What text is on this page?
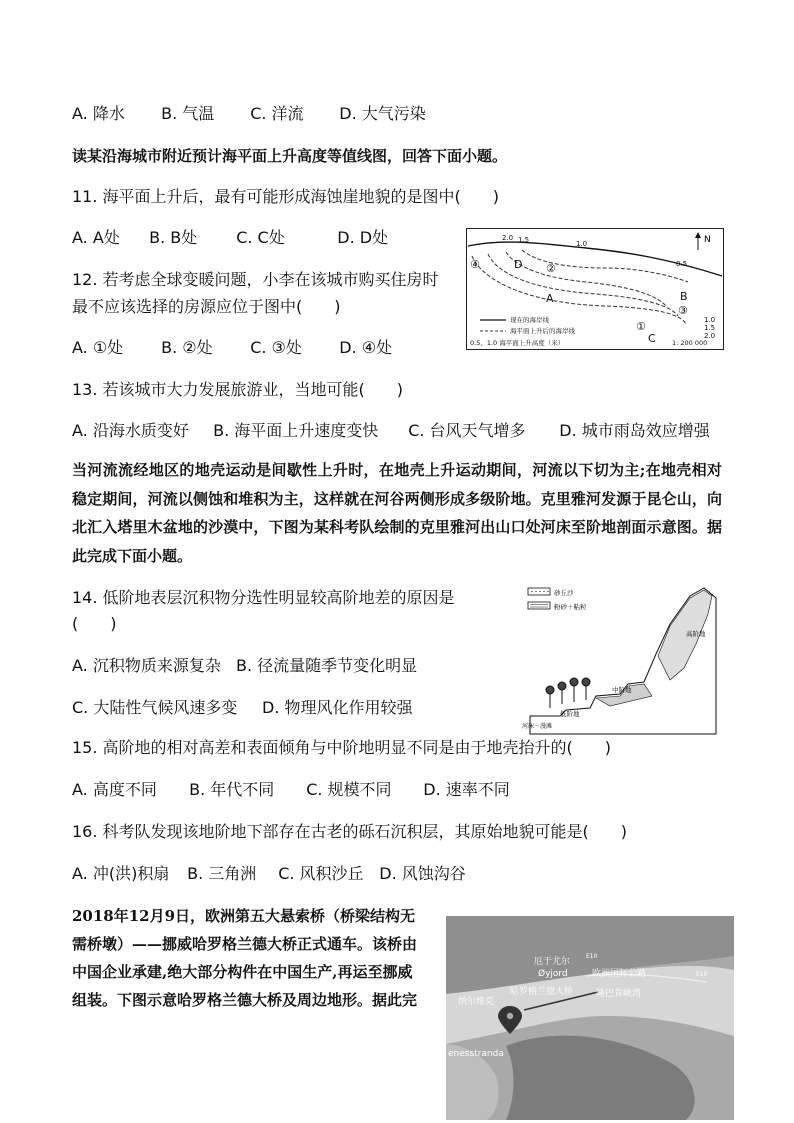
A. 降水 B. 气温 C. 洋流 D. 大气污染
读某沿海城市附近预计海平面上升高度等值线图，回答下面小题。
11. 海平面上升后，最有可能形成海蚀崖地貌的是图中(　　)
A. A处 B. B处 C. C处	D. D处
12. 若考虑全球变暖问题，小李在该城市购买住房时
最不应该选择的房源应位于图中(　　)
A. ①处 B. ②处 C. ③处 D. ④处
2.0 1.5	1.0
0.5
1.0
1.5
2.0
A	B
C
D
①
②
③
④
N
现在的海岸线
海平面上升后的海岸线
0.5、1.0 海平面上升高度（米）	1: 200 000
13. 若该城市大力发展旅游业，当地可能(　　)
A. 沿海水质变好 B. 海平面上升速度变快 C. 台风天气增多 D. 城市雨岛效应增强
当河流流经地区的地壳运动是间歇性上升时，在地壳上升运动期间，河流以下切为主;在地壳相对稳定期间，河流以侧蚀和堆积为主，这样就在河谷两侧形成多级阶地。克里雅河发源于昆仑山，向北汇入塔里木盆地的沙漠中，下图为某科考队绘制的克里雅河出山口处河床至阶地剖面示意图。据此完成下面小题。
14. 低阶地表层沉积物分选性明显较高阶地差的原因是
(　　)
A. 沉积物质来源复杂 B. 径流量随季节变化明显
C. 大陆性气候风速多变 D. 物理风化作用较强
砂丘沙
粉砂＋粘粒
高阶地
中阶地
低阶地
河床－漫滩
15. 高阶地的相对高差和表面倾角与中阶地明显不同是由于地壳抬升的(　　)
A. 高度不同 B. 年代不同 C. 规模不同 D. 速率不同
16. 科考队发现该地阶地下部存在古老的砾石沉积层，其原始地貌可能是(　　)
A. 冲(洪)积扇 B. 三角洲 C. 风积沙丘 D. 风蚀沟谷
2018年12月9日，欧洲第五大悬索桥（桥梁结构无
需桥墩）——挪威哈罗格兰德大桥正式通车。该桥由
中国企业承建,绝大部分构件在中国生产,再运至挪威
组装。下图示意哈罗格兰德大桥及周边地形。据此完
厄于尤尔
Øyjord	欧洲国际公路
E10
E10
纳尔维克
哈罗格兰德大桥	隆巴肯峡湾
enesstranda
